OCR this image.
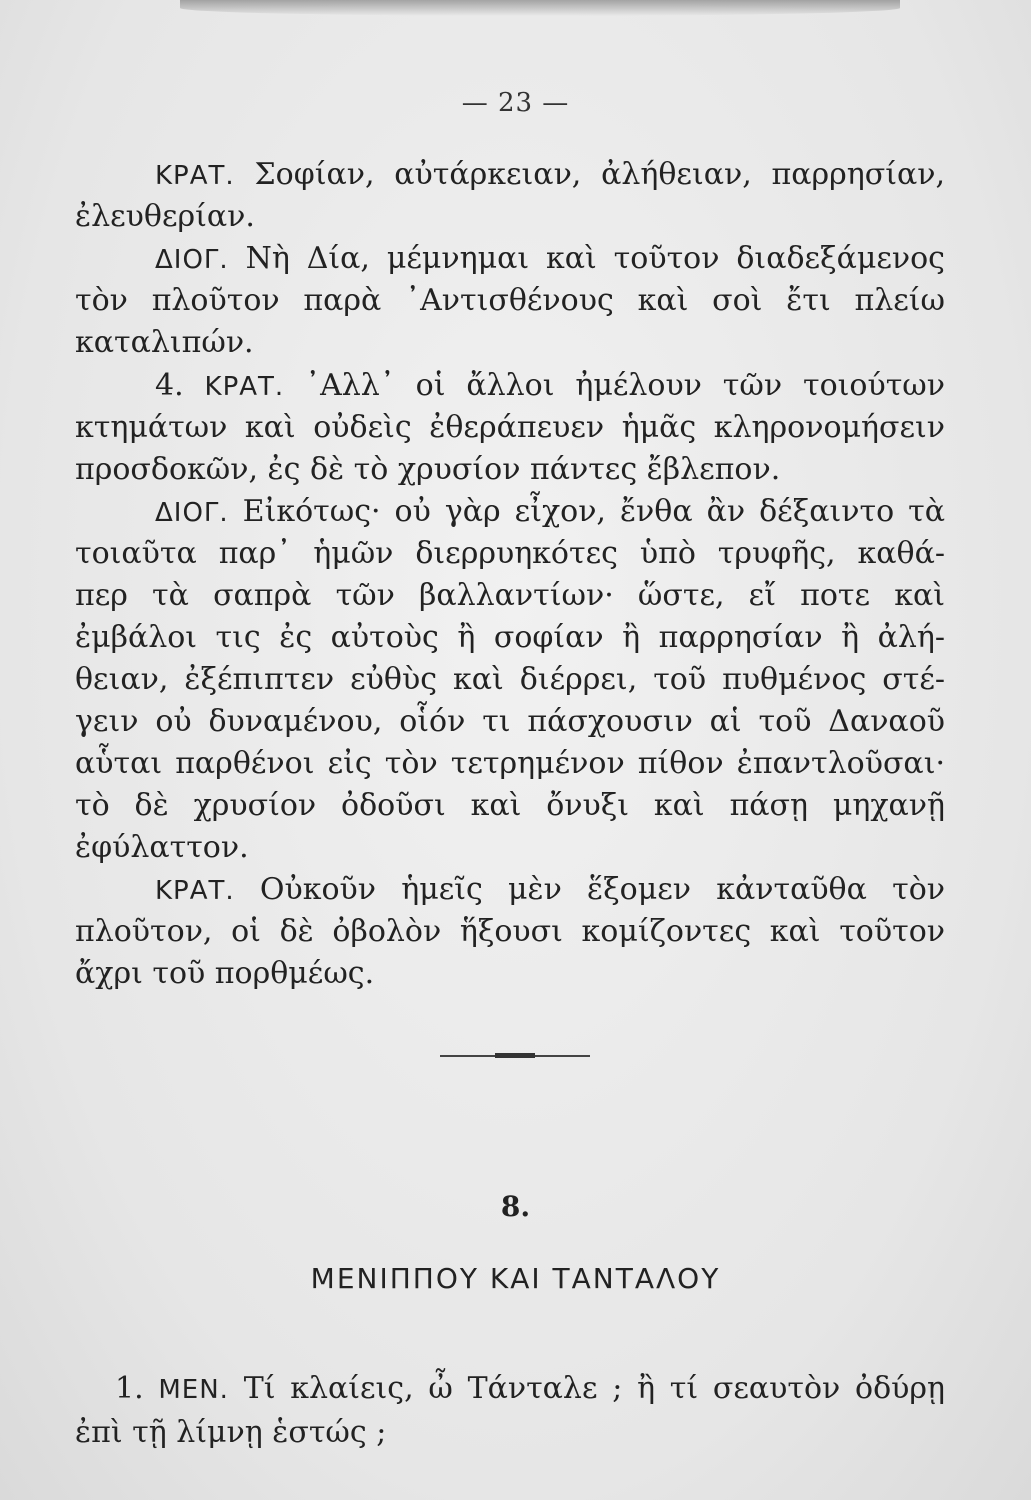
— 23 —
ΚΡΑΤ. Σοφίαν, αὐτάρκειαν, ἀλήθειαν, παρρησίαν,
ἐλευθερίαν.
ΔΙΟΓ. Νὴ Δία, μέμνημαι καὶ τοῦτον διαδεξάμενος
τὸν πλοῦτον παρὰ ᾿Αντισθένους καὶ σοὶ ἔτι πλείω
καταλιπών.
4. ΚΡΑΤ. ᾿Αλλ᾿ οἱ ἄλλοι ἠμέλουν τῶν τοιούτων
κτημάτων καὶ οὐδεὶς ἐθεράπευεν ἡμᾶς κληρονομήσειν
προσδοκῶν, ἐς δὲ τὸ χρυσίον πάντες ἔβλεπον.
ΔΙΟΓ. Εἰκότως· οὐ γὰρ εἶχον, ἔνθα ἂν δέξαιντο τὰ
τοιαῦτα παρ᾿ ἡμῶν διερρυηκότες ὑπὸ τρυφῆς, καθά-
περ τὰ σαπρὰ τῶν βαλλαντίων· ὥστε, εἴ ποτε καὶ
ἐμβάλοι τις ἐς αὐτοὺς ἢ σοφίαν ἢ παρρησίαν ἢ ἀλή-
θειαν, ἐξέπιπτεν εὐθὺς καὶ διέρρει, τοῦ πυθμένος στέ-
γειν οὐ δυναμένου, οἷόν τι πάσχουσιν αἱ τοῦ Δαναοῦ
αὗται παρθένοι εἰς τὸν τετρημένον πίθον ἐπαντλοῦσαι·
τὸ δὲ χρυσίον ὀδοῦσι καὶ ὄνυξι καὶ πάσῃ μηχανῇ
ἐφύλαττον.
ΚΡΑΤ. Οὐκοῦν ἡμεῖς μὲν ἕξομεν κἀνταῦθα τὸν
πλοῦτον, οἱ δὲ ὀβολὸν ἥξουσι κομίζοντες καὶ τοῦτον
ἄχρι τοῦ πορθμέως.
8.
ΜΕΝΙΠΠΟΥ ΚΑΙ ΤΑΝΤΑΛΟΥ
1. ΜΕΝ. Τί κλαίεις, ὦ Τάνταλε ; ἢ τί σεαυτὸν ὀδύρῃ
ἐπὶ τῇ λίμνῃ ἑστώς ;
